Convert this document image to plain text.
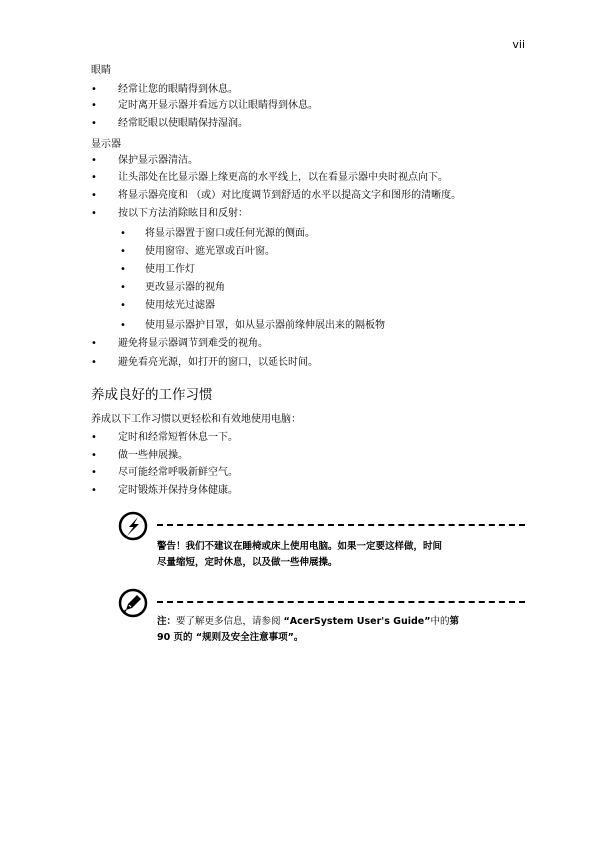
vii
眼睛
• 经常让您的眼睛得到休息。
• 定时离开显示器并看远方以让眼睛得到休息。
• 经常眨眼以使眼睛保持湿润。
显示器
• 保护显示器清洁。
• 让头部处在比显示器上缘更高的水平线上，以在看显示器中央时视点向下。
• 将显示器亮度和 （或）对比度调节到舒适的水平以提高文字和图形的清晰度。
• 按以下方法消除眩目和反射：
• 将显示器置于窗口或任何光源的侧面。
• 使用窗帘、遮光罩或百叶窗。
• 使用工作灯
• 更改显示器的视角
• 使用炫光过滤器
• 使用显示器护目罩，如从显示器前缘伸展出来的隔板物
• 避免将显示器调节到难受的视角。
• 避免看亮光源，如打开的窗口，以延长时间。
养成良好的工作习惯
养成以下工作习惯以更轻松和有效地使用电脑：
• 定时和经常短暂休息一下。
• 做一些伸展操。
• 尽可能经常呼吸新鲜空气。
• 定时锻炼并保持身体健康。
警告！我们不建议在睡椅或床上使用电脑。如果一定要这样做，时间
尽量缩短，定时休息，以及做一些伸展操。
注：要了解更多信息，请参阅 “AcerSystem User's Guide”中的第
90 页的 “规则及安全注意事项”。
